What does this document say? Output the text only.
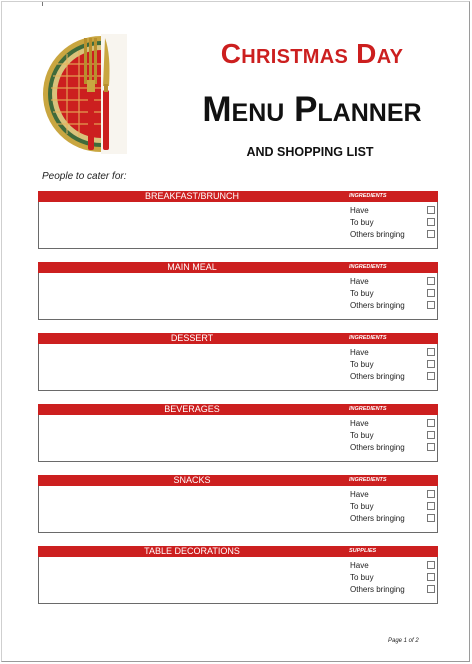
Christmas Day
Menu Planner
AND SHOPPING LIST
People to cater for:
BREAKFAST/BRUNCH	INGREDIENTS
Have
To buy
Others bringing
MAIN MEAL	INGREDIENTS
Have
To buy
Others bringing
DESSERT	INGREDIENTS
Have
To buy
Others bringing
BEVERAGES	INGREDIENTS
Have
To buy
Others bringing
SNACKS	INGREDIENTS
Have
To buy
Others bringing
TABLE DECORATIONS	SUPPLIES
Have
To buy
Others bringing
Page 1 of 2
